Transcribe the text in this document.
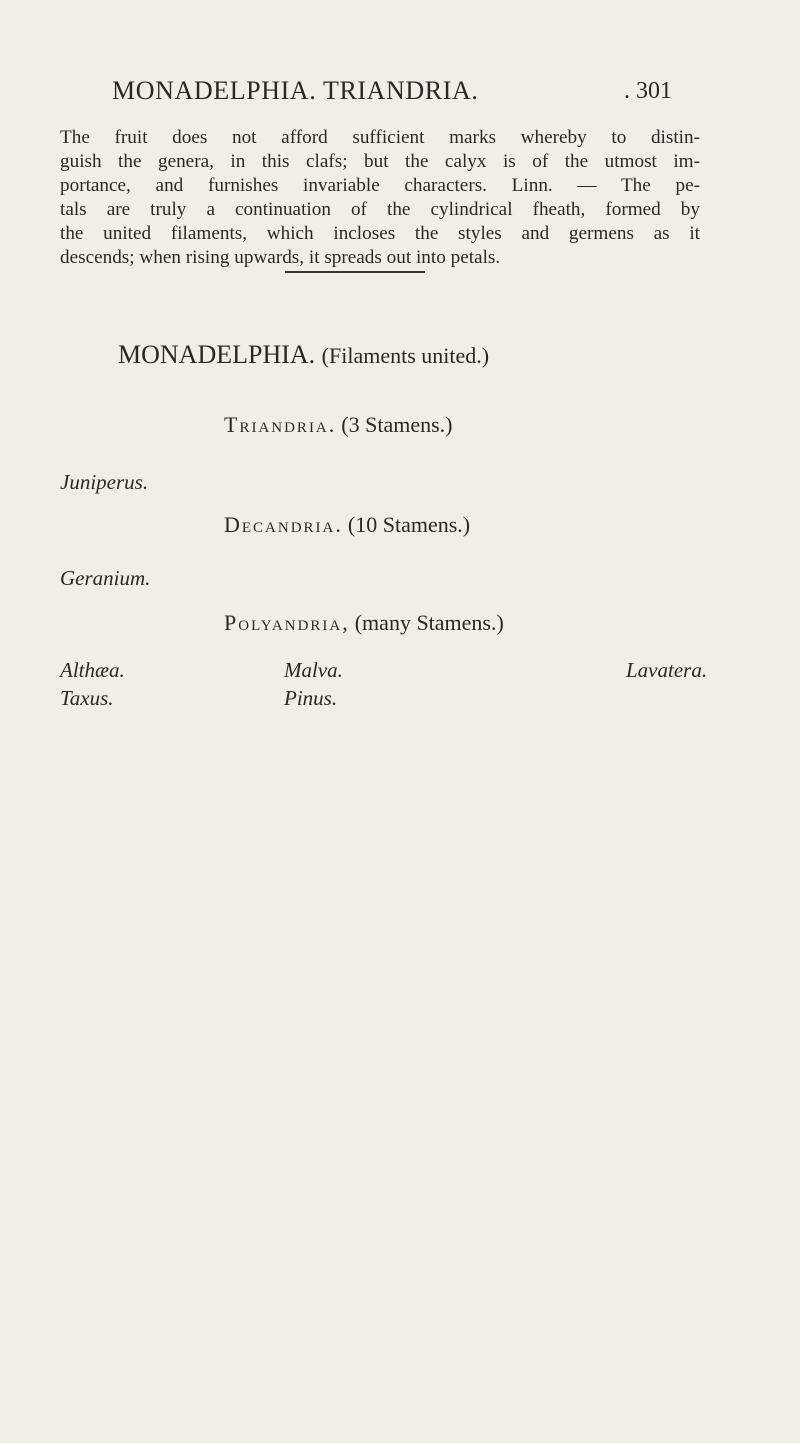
MONADELPHIA. TRIANDRIA.	. 301
The fruit does not afford sufficient marks whereby to distin-
guish the genera, in this clafs; but the calyx is of the utmost im-
portance, and furnishes invariable characters. Linn. — The pe-
tals are truly a continuation of the cylindrical fheath, formed by
the united filaments, which incloses the styles and germens as it
descends; when rising upwards, it spreads out into petals.
MONADELPHIA. (Filaments united.)
Triandria. (3 Stamens.)
Juniperus.
Decandria. (10 Stamens.)
Geranium.
Polyandria, (many Stamens.)
Althæa.	Malva.	Lavatera.
Taxus.	Pinus.
